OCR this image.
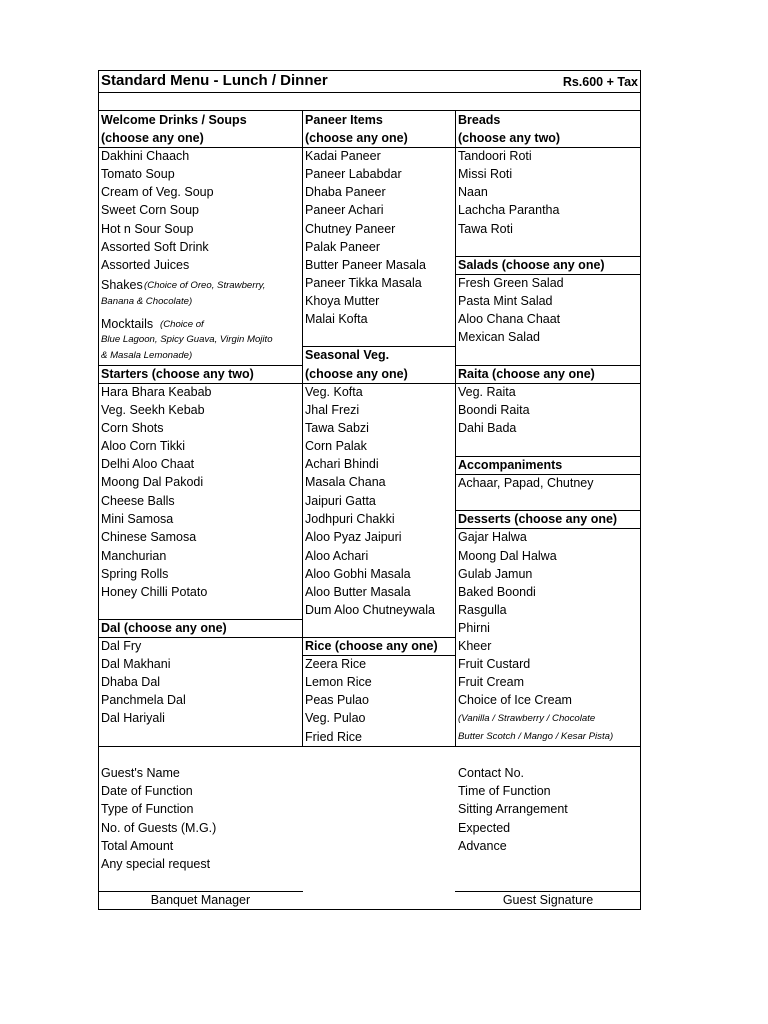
Standard Menu - Lunch / Dinner	Rs.600 + Tax
Welcome Drinks / Soups
(choose any one)
Dakhini Chaach
Tomato Soup
Cream of Veg. Soup
Sweet Corn Soup
Hot n Sour Soup
Assorted Soft Drink
Assorted Juices
Shakes (Choice of Oreo, Strawberry,
Banana & Chocolate)
Mocktails (Choice of
Blue Lagoon, Spicy Guava, Virgin Mojito
& Masala Lemonade)
Starters (choose any two)
Hara Bhara Keabab
Veg. Seekh Kebab
Corn Shots
Aloo Corn Tikki
Delhi Aloo Chaat
Moong Dal Pakodi
Cheese Balls
Mini Samosa
Chinese Samosa
Manchurian
Spring Rolls
Honey Chilli Potato
Dal (choose any one)
Dal Fry
Dal Makhani
Dhaba Dal
Panchmela Dal
Dal Hariyali
Paneer Items
(choose any one)
Kadai Paneer
Paneer Lababdar
Dhaba Paneer
Paneer Achari
Chutney Paneer
Palak Paneer
Butter Paneer Masala
Paneer Tikka Masala
Khoya Mutter
Malai Kofta
Seasonal Veg.
(choose any one)
Veg. Kofta
Jhal Frezi
Tawa Sabzi
Corn Palak
Achari Bhindi
Masala Chana
Jaipuri Gatta
Jodhpuri Chakki
Aloo Pyaz Jaipuri
Aloo Achari
Aloo Gobhi Masala
Aloo Butter Masala
Dum Aloo Chutneywala
Rice (choose any one)
Zeera Rice
Lemon Rice
Peas Pulao
Veg. Pulao
Fried Rice
Breads
(choose any two)
Tandoori Roti
Missi Roti
Naan
Lachcha Parantha
Tawa Roti
Salads (choose any one)
Fresh Green Salad
Pasta Mint Salad
Aloo Chana Chaat
Mexican Salad
Raita (choose any one)
Veg. Raita
Boondi Raita
Dahi Bada
Accompaniments
Achaar, Papad, Chutney
Desserts (choose any one)
Gajar Halwa
Moong Dal Halwa
Gulab Jamun
Baked Boondi
Rasgulla
Phirni
Kheer
Fruit Custard
Fruit Cream
Choice of Ice Cream
(Vanilla / Strawberry / Chocolate
Butter Scotch / Mango / Kesar Pista)
Guest's Name
Date of Function
Type of Function
No. of Guests (M.G.)
Total Amount
Any special request
Contact No.
Time of Function
Sitting Arrangement
Expected
Advance
Banquet Manager	Guest Signature
